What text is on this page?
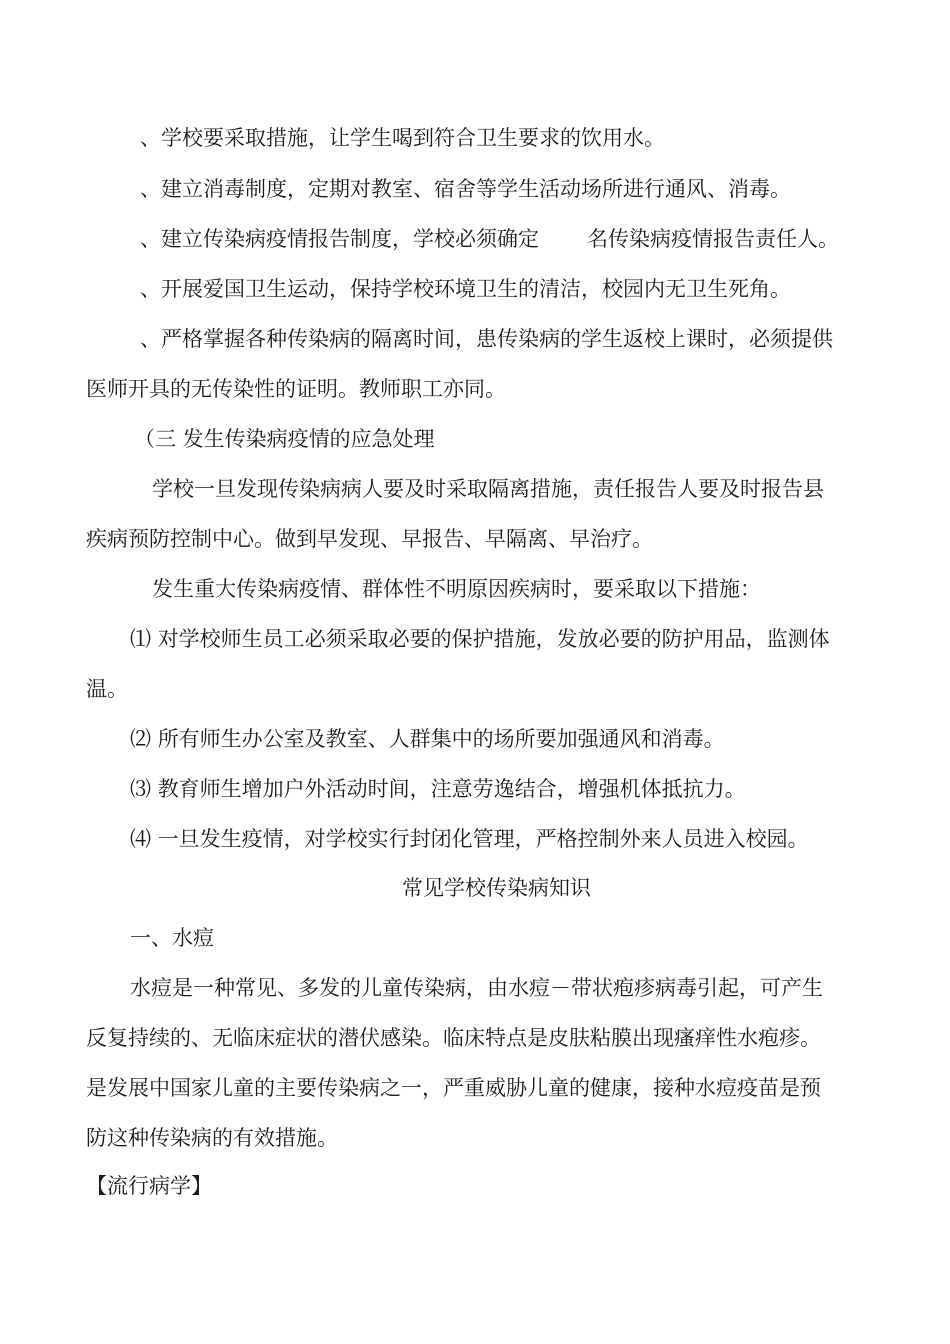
、学校要采取措施，让学生喝到符合卫生要求的饮用水。
、建立消毒制度，定期对教室、宿舍等学生活动场所进行通风、消毒。
、建立传染病疫情报告制度，学校必须确定 名传染病疫情报告责任人。
、开展爱国卫生运动，保持学校环境卫生的清洁，校园内无卫生死角。
、严格掌握各种传染病的隔离时间，患传染病的学生返校上课时，必须提供
医师开具的无传染性的证明。教师职工亦同。
（三 发生传染病疫情的应急处理
学校一旦发现传染病病人要及时采取隔离措施，责任报告人要及时报告县
疾病预防控制中心。做到早发现、早报告、早隔离、早治疗。
发生重大传染病疫情、群体性不明原因疾病时，要采取以下措施：
⑴ 对学校师生员工必须采取必要的保护措施，发放必要的防护用品，监测体
温。
⑵ 所有师生办公室及教室、人群集中的场所要加强通风和消毒。
⑶ 教育师生增加户外活动时间，注意劳逸结合，增强机体抵抗力。
⑷ 一旦发生疫情，对学校实行封闭化管理，严格控制外来人员进入校园。
常见学校传染病知识
一、水痘
水痘是一种常见、多发的儿童传染病，由水痘－带状疱疹病毒引起，可产生
反复持续的、无临床症状的潜伏感染。临床特点是皮肤粘膜出现瘙痒性水疱疹。
是发展中国家儿童的主要传染病之一，严重威胁儿童的健康，接种水痘疫苗是预
防这种传染病的有效措施。
【流行病学】
